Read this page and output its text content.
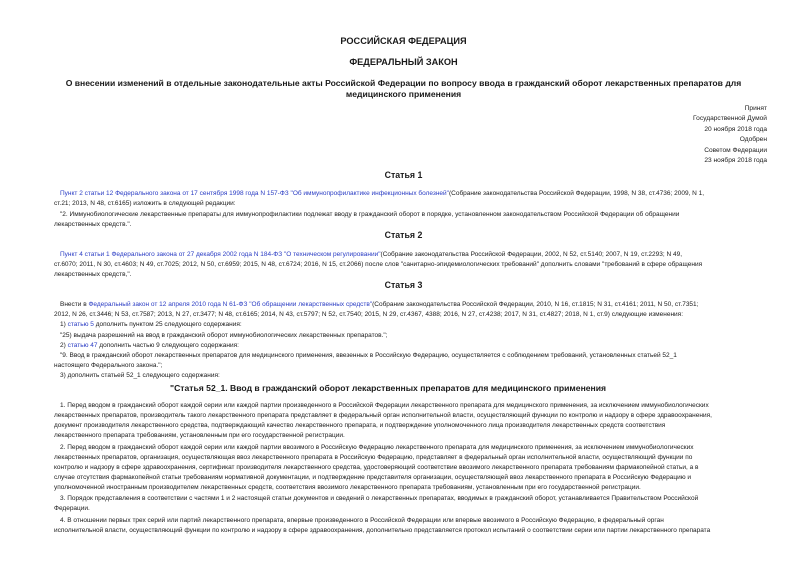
РОССИЙСКАЯ ФЕДЕРАЦИЯ
ФЕДЕРАЛЬНЫЙ ЗАКОН
О внесении изменений в отдельные законодательные акты Российской Федерации по вопросу ввода в гражданский оборот лекарственных препаратов для
медицинского применения
Принят
Государственной Думой
20 ноября 2018 года
Одобрен
Советом Федерации
23 ноября 2018 года
Статья 1
Пункт 2 статьи 12 Федерального закона от 17 сентября 1998 года N 157-ФЗ "Об иммунопрофилактике инфекционных болезней"(Собрание законодательства Российской Федерации, 1998, N 38, ст.4736; 2009, N 1,
ст.21; 2013, N 48, ст.6165) изложить в следующей редакции:
"2. Иммунобиологические лекарственные препараты для иммунопрофилактики подлежат вводу в гражданский оборот в порядке, установленном законодательством Российской Федерации об обращении
лекарственных средств.".
Статья 2
Пункт 4 статьи 1 Федерального закона от 27 декабря 2002 года N 184-ФЗ "О техническом регулировании"(Собрание законодательства Российской Федерации, 2002, N 52, ст.5140; 2007, N 19, ст.2293; N 49,
ст.6070; 2011, N 30, ст.4603; N 49, ст.7025; 2012, N 50, ст.6959; 2015, N 48, ст.6724; 2016, N 15, ст.2066) после слов "санитарно-эпидемиологических требований" дополнить словами "требований в сфере обращения
лекарственных средств,".
Статья 3
Внести в Федеральный закон от 12 апреля 2010 года N 61-ФЗ "Об обращении лекарственных средств"(Собрание законодательства Российской Федерации, 2010, N 16, ст.1815; N 31, ст.4161; 2011, N 50, ст.7351;
2012, N 26, ст.3446; N 53, ст.7587; 2013, N 27, ст.3477; N 48, ст.6165; 2014, N 43, ст.5797; N 52, ст.7540; 2015, N 29, ст.4367, 4388; 2016, N 27, ст.4238; 2017, N 31, ст.4827; 2018, N 1, ст.9) следующие изменения:
1) статью 5 дополнить пунктом 25 следующего содержания:
"25) выдача разрешений на ввод в гражданский оборот иммунобиологических лекарственных препаратов.";
2) статью 47 дополнить частью 9 следующего содержания:
"9. Ввод в гражданский оборот лекарственных препаратов для медицинского применения, ввезенных в Российскую Федерацию, осуществляется с соблюдением требований, установленных статьей 52_1
настоящего Федерального закона.";
3) дополнить статьей 52_1 следующего содержания:
"Статья 52_1. Ввод в гражданский оборот лекарственных препаратов для медицинского применения
1. Перед вводом в гражданский оборот каждой серии или каждой партии произведенного в Российской Федерации лекарственного препарата для медицинского применения, за исключением иммунобиологических
лекарственных препаратов, производитель такого лекарственного препарата представляет в федеральный орган исполнительной власти, осуществляющий функции по контролю и надзору в сфере здравоохранения,
документ производителя лекарственного средства, подтверждающий качество лекарственного препарата, и подтверждение уполномоченного лица производителя лекарственных средств соответствия
лекарственного препарата требованиям, установленным при его государственной регистрации.
2. Перед вводом в гражданский оборот каждой серии или каждой партии ввозимого в Российскую Федерацию лекарственного препарата для медицинского применения, за исключением иммунобиологических
лекарственных препаратов, организация, осуществляющая ввоз лекарственного препарата в Российскую Федерацию, представляет в федеральный орган исполнительной власти, осуществляющий функции по
контролю и надзору в сфере здравоохранения, сертификат производителя лекарственного средства, удостоверяющий соответствие ввозимого лекарственного препарата требованиям фармакопейной статьи, а в
случае отсутствия фармакопейной статьи требованиям нормативной документации, и подтверждение представителя организации, осуществляющей ввоз лекарственного препарата в Российскую Федерацию и
уполномоченной иностранным производителем лекарственных средств, соответствия ввозимого лекарственного препарата требованиям, установленным при его государственной регистрации.
3. Порядок представления в соответствии с частями 1 и 2 настоящей статьи документов и сведений о лекарственных препаратах, вводимых в гражданский оборот, устанавливается Правительством Российской
Федерации.
4. В отношении первых трех серий или партий лекарственного препарата, впервые произведенного в Российской Федерации или впервые ввозимого в Российскую Федерацию, в федеральный орган
исполнительной власти, осуществляющий функции по контролю и надзору в сфере здравоохранения, дополнительно представляется протокол испытаний о соответствии серии или партии лекарственного препарата
